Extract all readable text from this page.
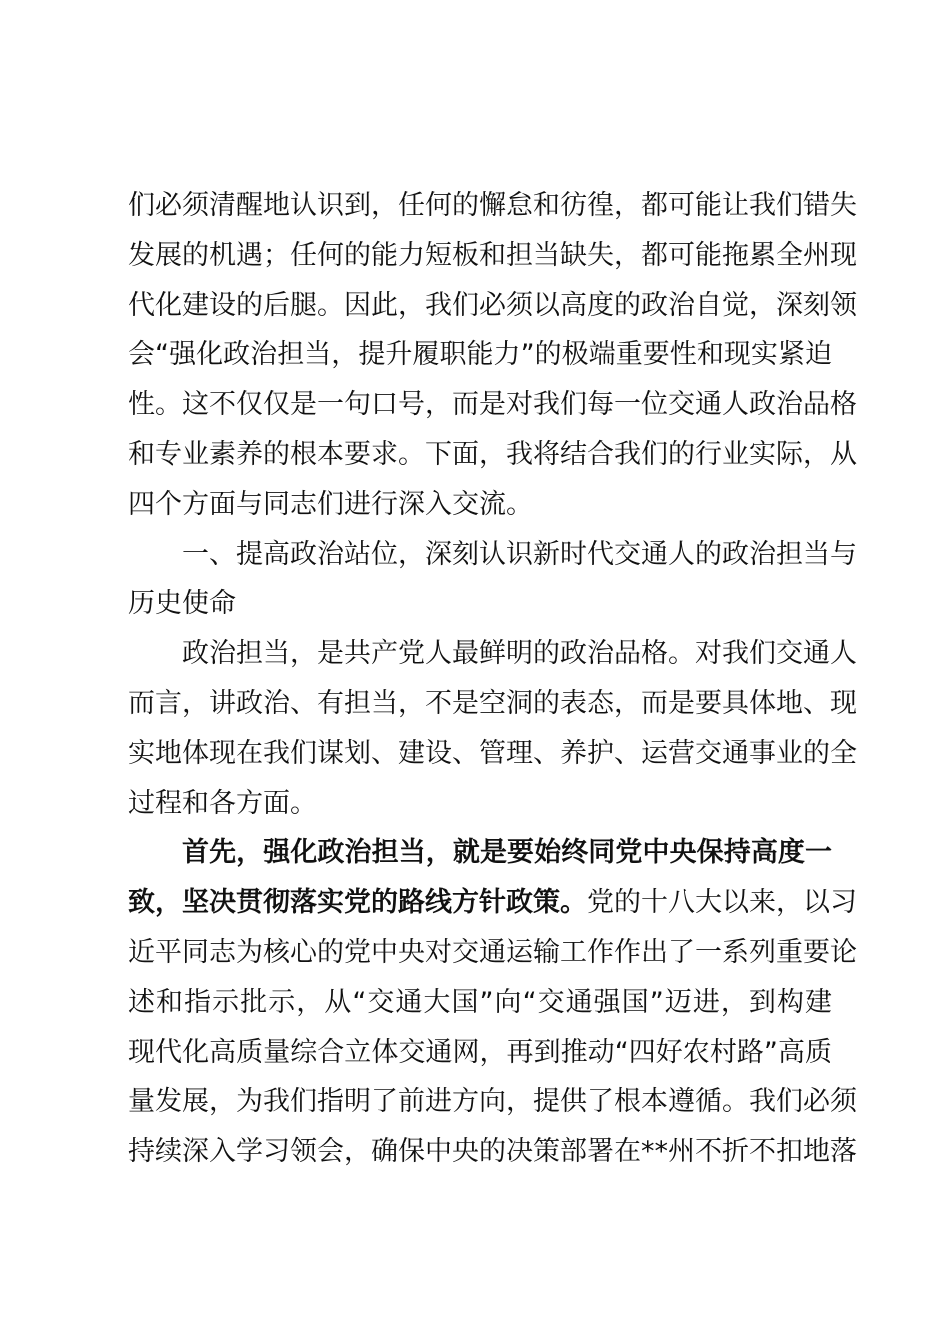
们必须清醒地认识到，任何的懈怠和彷徨，都可能让我们错失
发展的机遇；任何的能力短板和担当缺失，都可能拖累全州现
代化建设的后腿。因此，我们必须以高度的政治自觉，深刻领
会“强化政治担当，提升履职能力”的极端重要性和现实紧迫
性。这不仅仅是一句口号，而是对我们每一位交通人政治品格
和专业素养的根本要求。下面，我将结合我们的行业实际，从
四个方面与同志们进行深入交流。
一、提高政治站位，深刻认识新时代交通人的政治担当与
历史使命
政治担当，是共产党人最鲜明的政治品格。对我们交通人
而言，讲政治、有担当，不是空洞的表态，而是要具体地、现
实地体现在我们谋划、建设、管理、养护、运营交通事业的全
过程和各方面。
首先，强化政治担当，就是要始终同党中央保持高度一
致，坚决贯彻落实党的路线方针政策。党的十八大以来，以习
近平同志为核心的党中央对交通运输工作作出了一系列重要论
述和指示批示，从“交通大国”向“交通强国”迈进，到构建
现代化高质量综合立体交通网，再到推动“四好农村路”高质
量发展，为我们指明了前进方向，提供了根本遵循。我们必须
持续深入学习领会，确保中央的决策部署在**州不折不扣地落
